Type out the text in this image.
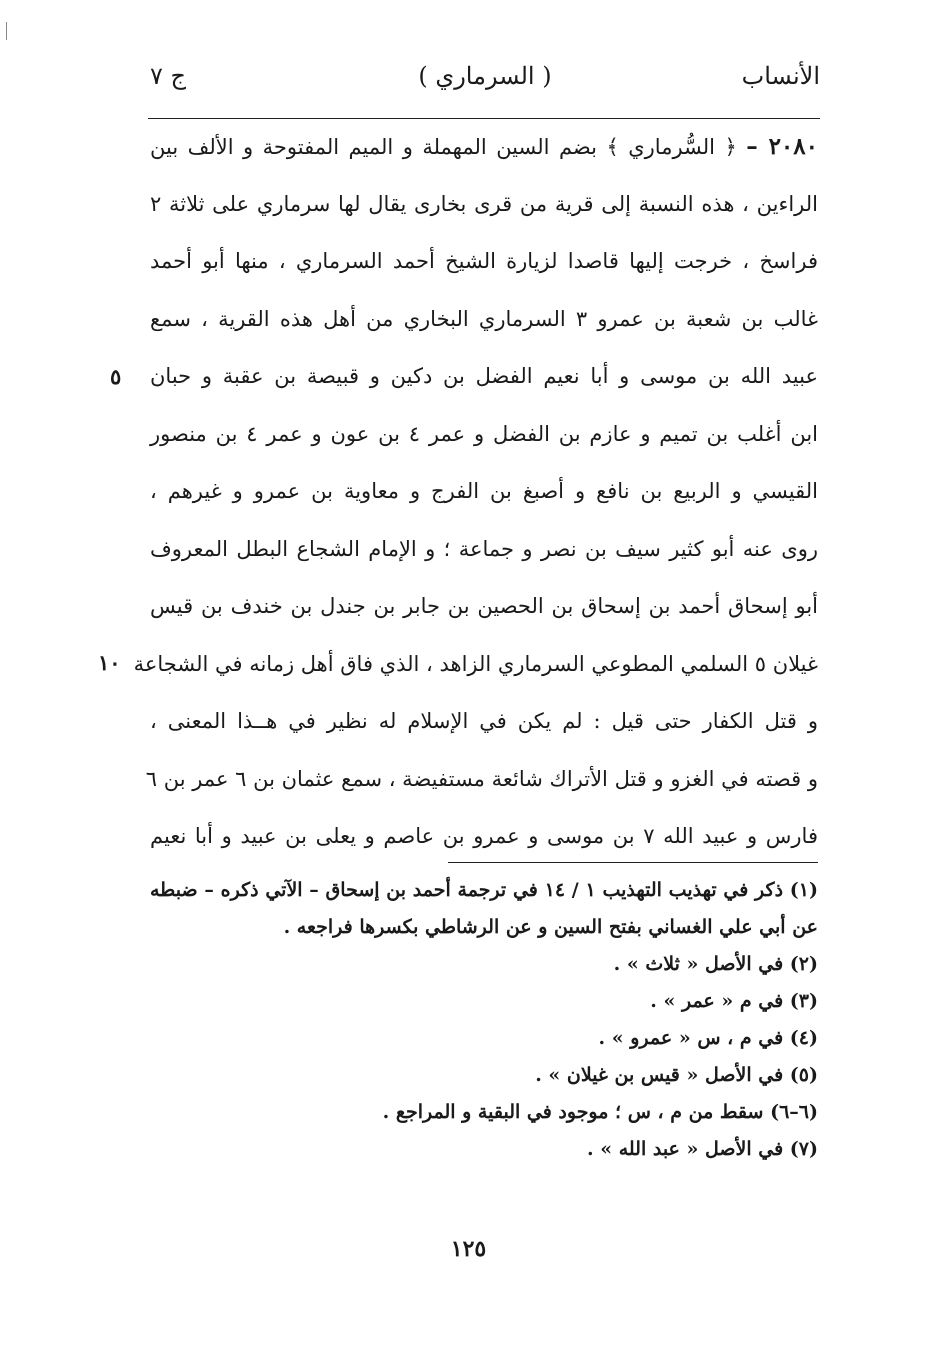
الأنساب
( السرماري )
ج ٧
٢٠٨٠ – ﴿ السُّرماري ﴾ بضم السين المهملة و الميم المفتوحة و الألف بين
الراءين ، هذه النسبة إلى قرية من قرى بخارى يقال لها سرماري على ثلاثة ٢
فراسخ ، خرجت إليها قاصدا لزيارة الشيخ أحمد السرماري ، منها أبو أحمد
غالب بن شعبة بن عمرو ٣ السرماري البخاري من أهل هذه القرية ، سمع
عبيد الله بن موسى و أبا نعيم الفضل بن دكين و قبيصة بن عقبة و حبان
ابن أغلب بن تميم و عازم بن الفضل و عمر ٤ بن عون و عمر ٤ بن منصور
القيسي و الربيع بن نافع و أصبغ بن الفرج و معاوية بن عمرو و غيرهم ،
روى عنه أبو كثير سيف بن نصر و جماعة ؛ و الإمام الشجاع البطل المعروف
أبو إسحاق أحمد بن إسحاق بن الحصين بن جابر بن جندل بن خندف بن قيس
غيلان ٥ السلمي المطوعي السرماري الزاهد ، الذي فاق أهل زمانه في الشجاعة
و قتل الكفار حتى قيل : لم يكن في الإسلام له نظير في هــذا المعنى ،
و قصته في الغزو و قتل الأتراك شائعة مستفيضة ، سمع عثمان بن ٦ عمر بن ٦
فارس و عبيد الله ٧ بن موسى و عمرو بن عاصم و يعلى بن عبيد و أبا نعيم
٥
١٠
(١) ذكر في تهذيب التهذيب ١ / ١٤ في ترجمة أحمد بن إسحاق – الآتي ذكره – ضبطه
عن أبي علي الغساني بفتح السين و عن الرشاطي بكسرها فراجعه .
(٢) في الأصل « ثلاث » .
(٣) في م « عمر » .
(٤) في م ، س « عمرو » .
(٥) في الأصل « قيس بن غيلان » .
(٦–٦) سقط من م ، س ؛ موجود في البقية و المراجع .
(٧) في الأصل « عبد الله » .
١٢٥
